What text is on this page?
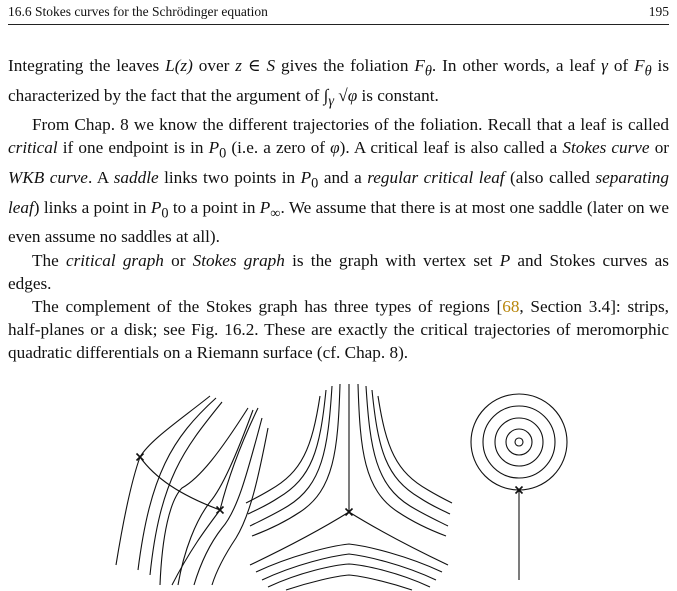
16.6 Stokes curves for the Schrödinger equation	195

Integrating the leaves L(z) over z ∈ S gives the foliation $F_\theta$. In other words, a leaf γ of $F_\theta$ is characterized by the fact that the argument of $\int_\gamma$ √φ is constant.

From Chap. 8 we know the different trajectories of the foliation. Recall that a leaf is called critical if one endpoint is in $P_0$ (i.e. a zero of φ). A critical leaf is also called a Stokes curve or WKB curve. A saddle links two points in $P_0$ and a regular critical leaf (also called separating leaf) links a point in $P_0$ to a point in $P_\infty$. We assume that there is at most one saddle (later on we even assume no saddles at all).

The critical graph or Stokes graph is the graph with vertex set P and Stokes curves as edges.

The complement of the Stokes graph has three types of regions [68, Section 3.4]: strips, half-planes or a disk; see Fig. 16.2. These are exactly the critical trajectories of meromorphic quadratic differentials on a Riemann surface (cf. Chap. 8).
